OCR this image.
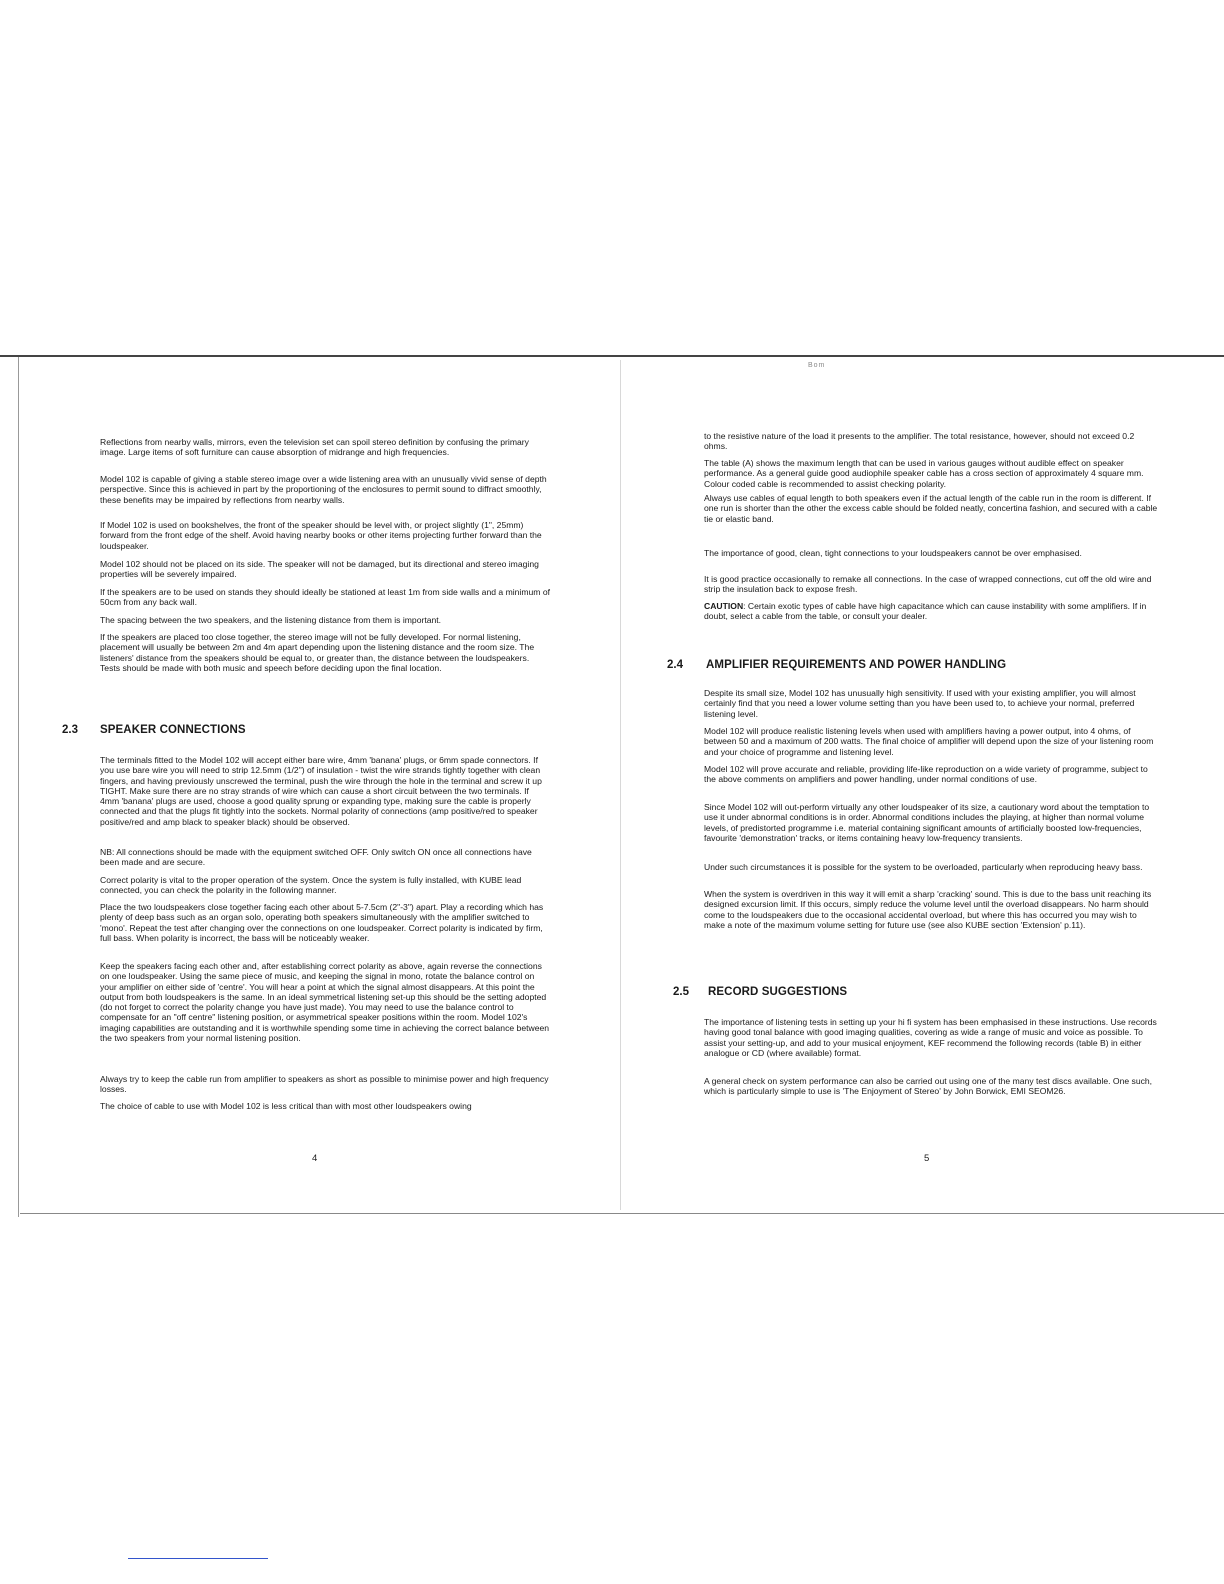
Reflections from nearby walls, mirrors, even the television set can spoil stereo definition by confusing the primary image. Large items of soft furniture can cause absorption of midrange and high frequencies.

Model 102 is capable of giving a stable stereo image over a wide listening area with an unusually vivid sense of depth perspective. Since this is achieved in part by the proportioning of the enclosures to permit sound to diffract smoothly, these benefits may be impaired by reflections from nearby walls.

If Model 102 is used on bookshelves, the front of the speaker should be level with, or project slightly (1", 25mm) forward from the front edge of the shelf. Avoid having nearby books or other items projecting further forward than the loudspeaker.

Model 102 should not be placed on its side. The speaker will not be damaged, but its directional and stereo imaging properties will be severely impaired.

If the speakers are to be used on stands they should ideally be stationed at least 1m from side walls and a minimum of 50cm from any back wall.

The spacing between the two speakers, and the listening distance from them is important.

If the speakers are placed too close together, the stereo image will not be fully developed. For normal listening, placement will usually be between 2m and 4m apart depending upon the listening distance and the room size. The listeners' distance from the speakers should be equal to, or greater than, the distance between the loudspeakers. Tests should be made with both music and speech before deciding upon the final location.

2.3 SPEAKER CONNECTIONS

The terminals fitted to the Model 102 will accept either bare wire, 4mm 'banana' plugs, or 6mm spade connectors. If you use bare wire you will need to strip 12.5mm (1/2") of insulation - twist the wire strands tightly together with clean fingers, and having previously unscrewed the terminal, push the wire through the hole in the terminal and screw it up TIGHT. Make sure there are no stray strands of wire which can cause a short circuit between the two terminals. If 4mm 'banana' plugs are used, choose a good quality sprung or expanding type, making sure the cable is properly connected and that the plugs fit tightly into the sockets. Normal polarity of connections (amp positive/red to speaker positive/red and amp black to speaker black) should be observed.

NB: All connections should be made with the equipment switched OFF. Only switch ON once all connections have been made and are secure.

Correct polarity is vital to the proper operation of the system. Once the system is fully installed, with KUBE lead connected, you can check the polarity in the following manner.

Place the two loudspeakers close together facing each other about 5-7.5cm (2"-3") apart. Play a recording which has plenty of deep bass such as an organ solo, operating both speakers simultaneously with the amplifier switched to 'mono'. Repeat the test after changing over the connections on one loudspeaker. Correct polarity is indicated by firm, full bass. When polarity is incorrect, the bass will be noticeably weaker.

Keep the speakers facing each other and, after establishing correct polarity as above, again reverse the connections on one loudspeaker. Using the same piece of music, and keeping the signal in mono, rotate the balance control on your amplifier on either side of 'centre'. You will hear a point at which the signal almost disappears. At this point the output from both loudspeakers is the same. In an ideal symmetrical listening set-up this should be the setting adopted (do not forget to correct the polarity change you have just made). You may need to use the balance control to compensate for an "off centre" listening position, or asymmetrical speaker positions within the room. Model 102's imaging capabilities are outstanding and it is worthwhile spending some time in achieving the correct balance between the two speakers from your normal listening position.

Always try to keep the cable run from amplifier to speakers as short as possible to minimise power and high frequency losses.

The choice of cable to use with Model 102 is less critical than with most other loudspeakers owing

4
Bom

to the resistive nature of the load it presents to the amplifier. The total resistance, however, should not exceed 0.2 ohms.

The table (A) shows the maximum length that can be used in various gauges without audible effect on speaker performance. As a general guide good audiophile speaker cable has a cross section of approximately 4 square mm. Colour coded cable is recommended to assist checking polarity.

Always use cables of equal length to both speakers even if the actual length of the cable run in the room is different. If one run is shorter than the other the excess cable should be folded neatly, concertina fashion, and secured with a cable tie or elastic band.

The importance of good, clean, tight connections to your loudspeakers cannot be over emphasised.

It is good practice occasionally to remake all connections. In the case of wrapped connections, cut off the old wire and strip the insulation back to expose fresh.

CAUTION: Certain exotic types of cable have high capacitance which can cause instability with some amplifiers. If in doubt, select a cable from the table, or consult your dealer.

2.4 AMPLIFIER REQUIREMENTS AND POWER HANDLING

Despite its small size, Model 102 has unusually high sensitivity. If used with your existing amplifier, you will almost certainly find that you need a lower volume setting than you have been used to, to achieve your normal, preferred listening level.

Model 102 will produce realistic listening levels when used with amplifiers having a power output, into 4 ohms, of between 50 and a maximum of 200 watts. The final choice of amplifier will depend upon the size of your listening room and your choice of programme and listening level.

Model 102 will prove accurate and reliable, providing life-like reproduction on a wide variety of programme, subject to the above comments on amplifiers and power handling, under normal conditions of use.

Since Model 102 will out-perform virtually any other loudspeaker of its size, a cautionary word about the temptation to use it under abnormal conditions is in order. Abnormal conditions includes the playing, at higher than normal volume levels, of predistorted programme i.e. material containing significant amounts of artificially boosted low-frequencies, favourite 'demonstration' tracks, or items containing heavy low-frequency transients.

Under such circumstances it is possible for the system to be overloaded, particularly when reproducing heavy bass.

When the system is overdriven in this way it will emit a sharp 'cracking' sound. This is due to the bass unit reaching its designed excursion limit. If this occurs, simply reduce the volume level until the overload disappears. No harm should come to the loudspeakers due to the occasional accidental overload, but where this has occurred you may wish to make a note of the maximum volume setting for future use (see also KUBE section 'Extension' p.11).

2.5 RECORD SUGGESTIONS

The importance of listening tests in setting up your hi fi system has been emphasised in these instructions. Use records having good tonal balance with good imaging qualities, covering as wide a range of music and voice as possible. To assist your setting-up, and add to your musical enjoyment, KEF recommend the following records (table B) in either analogue or CD (where available) format.

A general check on system performance can also be carried out using one of the many test discs available. One such, which is particularly simple to use is 'The Enjoyment of Stereo' by John Borwick, EMI SEOM26.

5
